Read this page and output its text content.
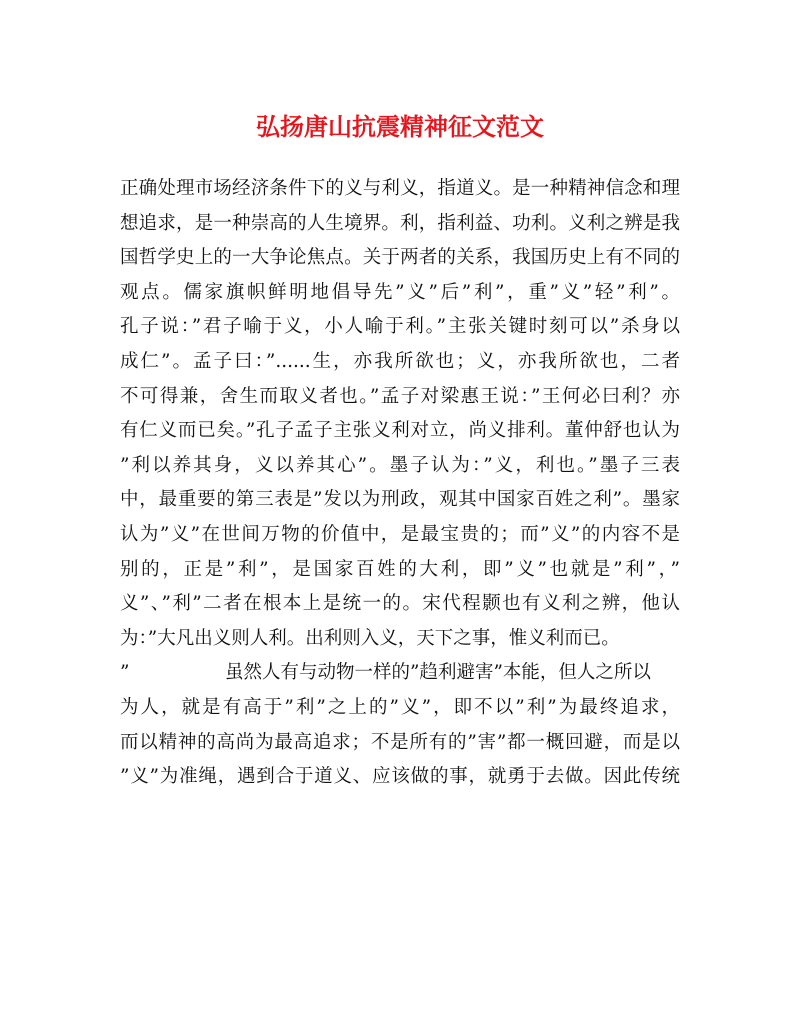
弘扬唐山抗震精神征文范文
正确处理市场经济条件下的义与利义，指道义。是一种精神信念和理
想追求，是一种崇高的人生境界。利，指利益、功利。义利之辨是我
国哲学史上的一大争论焦点。关于两者的关系，我国历史上有不同的
观点。儒家旗帜鲜明地倡导先”义”后”利”，重”义”轻”利”。
孔子说：”君子喻于义，小人喻于利。”主张关键时刻可以”杀身以
成仁”。孟子曰：”......生，亦我所欲也；义，亦我所欲也，二者
不可得兼，舍生而取义者也。”孟子对梁惠王说：”王何必曰利？亦
有仁义而已矣。”孔子孟子主张义利对立，尚义排利。董仲舒也认为
”利以养其身，义以养其心”。墨子认为：”义，利也。”墨子三表
中，最重要的第三表是”发以为刑政，观其中国家百姓之利”。墨家
认为”义”在世间万物的价值中，是最宝贵的；而”义”的内容不是
别的，正是”利”，是国家百姓的大利，即”义”也就是”利”，”
义”、”利”二者在根本上是统一的。宋代程颢也有义利之辨，他认
为：”大凡出义则人利。出利则入义，天下之事，惟义利而已。
”	虽然人有与动物一样的”趋利避害”本能，但人之所以
为人，就是有高于”利”之上的”义”，即不以”利”为最终追求，
而以精神的高尚为最高追求；不是所有的”害”都一概回避，而是以
”义”为准绳，遇到合于道义、应该做的事，就勇于去做。因此传统
